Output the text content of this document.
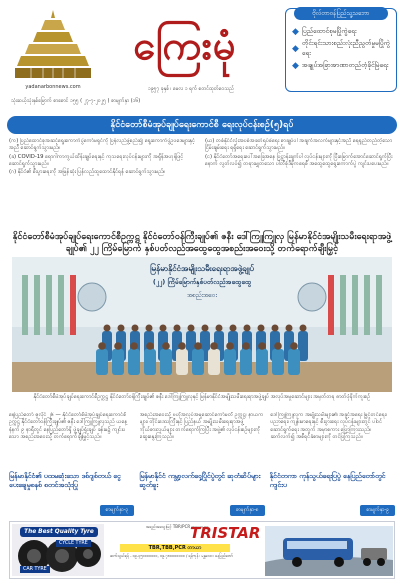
yadanarbonnews.com
ကြေးမုံ
၁၉၅၇ ခုနှစ် ၊ မေလ ၁ ရက် စတင်ထုတ်ဝေသည်
သုံးဆယ့်သုံးနှစ်မြောက် စာစောင် ၁၅၅ ( ၂၇-၇-၂၀၂၅ ) စာမျက်နှာ (၁၆)
ဗိုလ်တာဝန်ပြည်သူ့သဘော
◆ ပြည်ထောင်စုမပြိုကွဲရေး
◆
တိုင်းရင်းသားစည်းလုံးညီညွတ်မှုမပြိုကွဲရေး
◆ အချုပ်အခြာအာဏာတည်တံ့ခိုင်မြဲရေး
နိုင်ငံတော်စီမံအုပ်ချုပ်ရေးကောင်စီ ရေးလုပ်ငန်းစဉ်(၅)ရပ်

(က) ပြည်ထောင်စုအဆင့်ရွေးကောက်ပွဲကော်မရှင်ကို ပြန်လည်ဖွဲ့စည်း၍ ရွေးကောက်ပွဲဥပဒေများနှင့်အညီ ဆောင်ရွက်သွားမည်။

(ခ) COVID-19 ရောဂါကာကွယ်ထိန်းချုပ်ရေးနှင့် ကုသရေးလုပ်ငန်းများကို အရှိန်အဟုန်ဖြင့် ဆောင်ရွက်သွားမည်။

(ဂ) နိုင်ငံ၏ စီးပွားရေးကို အမြန်ဆုံး ပြန်လည်ထူထောင်နိုင်ရန် ဆောင်ရွက်သွားမည်။

(ဃ) တစ်နိုင်ငံလုံးအပစ်အခတ်ရပ်စဲရေး စာချုပ်ပါ အချက်အလက်များနှင့်အညီ ရေရှည်တည်တံ့သော ငြိမ်းချမ်းရေး ရရှိရေး ဆောင်ရွက်သွားမည်။

(င) နိုင်ငံတော်အရေးပေါ်အခြေအနေ ပြဋ္ဌာန်းချက်ပါ လုပ်ငန်းများကို ပြီးမြောက်အောင်ဆောင်ရွက်ပြီးနောက် လွတ်လပ်၍ တရားမျှတသော ပါတီစုံဒီမိုကရေစီ အထွေထွေရွေးကောက်ပွဲ ကျင်းပပေးမည်။

နိုင်ငံတော်စီမံအုပ်ချုပ်ရေးကောင်စီဥက္ကဋ္ဌ နိုင်ငံတော်ဝန်ကြီးချုပ်၏ ဇနီး ဒေါ်ကြူကြူလှ မြန်မာနိုင်ငံအမျိုးသမီးရေးရာအဖွဲ့ချုပ်၏ ၂၂ ကြိမ်မြောက် နှစ်ပတ်လည်အထွေထွေအစည်းအဝေးသို့ တက်ရောက်ချီးမြှင့်
မြန်မာနိုင်ငံအမျိုးသမီးရေးရာအဖွဲ့ချုပ်
(၂၂) ကြိမ်မြောက်နှစ်ပတ်လည်အထွေထွေ
အစည်းအဝေး
နိုင်ငံတော်စီမံအုပ်ချုပ်ရေးကောင်စီဥက္ကဋ္ဌ နိုင်ငံတော်ဝန်ကြီးချုပ်၏ ဇနီး ဒေါ်ကြူကြူလှနှင့် မြန်မာနိုင်ငံအမျိုးသမီးရေးရာအဖွဲ့ချုပ် အလုပ်အမှုဆောင်များ အမှတ်တရ ဓာတ်ပုံရိုက်ကူးစဉ်
နေပြည်တော် ဇူလိုင် ၂၆ — နိုင်ငံတော်စီမံအုပ်ချုပ်ရေးကောင်စီဥက္ကဋ္ဌ နိုင်ငံတော်ဝန်ကြီးချုပ်၏ ဇနီး ဒေါ်ကြူကြူလှသည် ယနေ့နံနက် ၉ နာရီတွင် နေပြည်တော်ရှိ ဖွဲ့ချုပ်ရုံးချုပ် ခန်းမ၌ ကျင်းပသော အစည်းအဝေးသို့ တက်ရောက်ချီးမြှင့်သည်။
အစည်းအဝေးသို့ ဗဟိုအလုပ်အမှုဆောင်ကော်မတီ ဥက္ကဋ္ဌ၊ နာယကများ၊ တိုင်းဒေသကြီးနှင့် ပြည်နယ် အမျိုးသမီးရေးရာအဖွဲ့ ကိုယ်စားလှယ်များ တက်ရောက်ကြပြီး အဖွဲ့၏ လုပ်ငန်းစဉ်များကို ဆွေးနွေးကြသည်။
ဒေါ်ကြူကြူလှက အမျိုးသမီးများ၏ အခွင့်အရေး မြှင့်တင်ရေး၊ ပညာရေး၊ ကျန်းမာရေးနှင့် စီးပွားရေး လုပ်ငန်းများတွင် ပါဝင်ဆောင်ရွက်ရေး အတွက် အမှာစကား ပြောကြားသည်။ ဆက်လက်၍ အစီရင်ခံစာများကို တင်ပြကြသည်။
မြန်မာနိုင်ငံ၏ ပထမဆုံးသော ဒစ်ဂျစ်တယ် ငွေပေးချေမှုစနစ် စတင်အသုံးပြု
စာမျက်နှာ-၃
မြန်မာနိုင်ငံ ကမ္ဘာ့လက်ဝှေ့ပြိုင်ပွဲတွင် ဆုတံဆိပ်များ ဆွတ်ခူး
စာမျက်နှာ-၈
နိုင်ငံတကာ ကုန်သွယ်ရေးပြပွဲ နေပြည်တော်တွင် ကျင်းပ
စာမျက်နှာ-၉
The Best Quality Tyre
CYCLE TYRE
CAR TYRE
အရည်အသွေးမြင့် TBR/PCR တာယာများ
TRISTAR
TBR,TBB,PCR တာယာ
ဆက်သွယ်ရန် - ၀၉-၄၅၀၀၀၀၀၀၀, ၀၉-၇၈၀၀၀၀၀၀၀ / ရန်ကုန် ၊ မန္တလေး ၊ နေပြည်တော်
